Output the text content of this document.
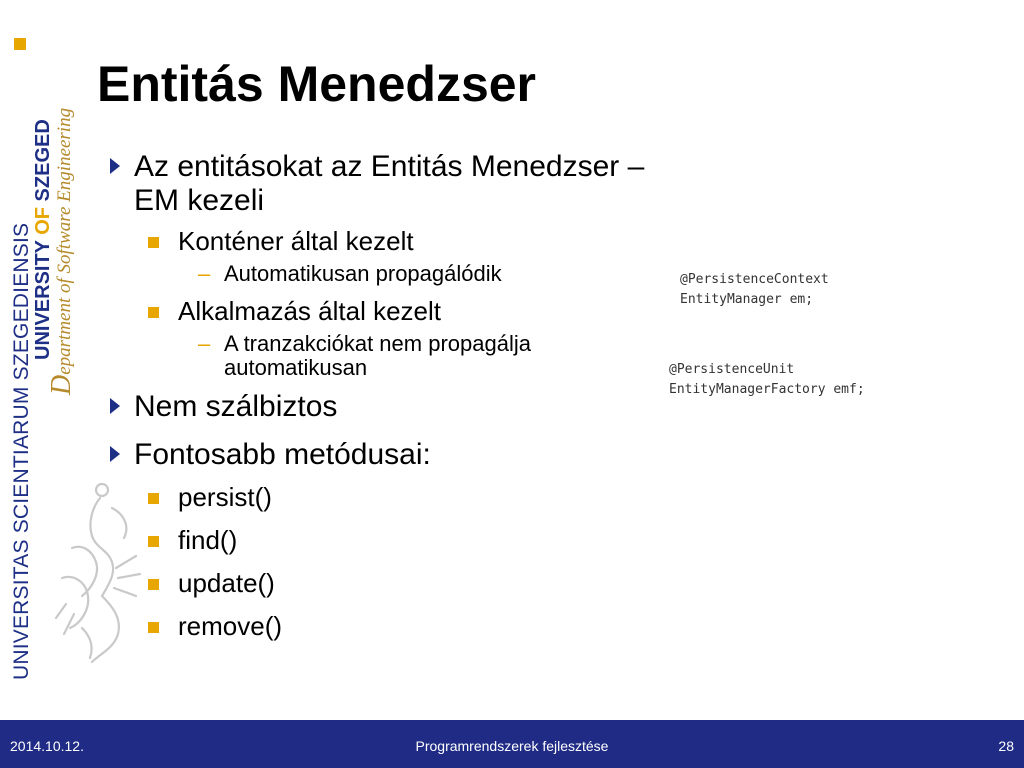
UNIVERSITAS SCIENTIARUM SZEGEDIENSIS UNIVERSITY OF SZEGED
Department of Software Engineering
Entitás Menedzser
Az entitásokat az Entitás Menedzser – EM kezeli
Konténer által kezelt
– Automatikusan propagálódik
Alkalmazás által kezelt
– A tranzakciókat nem propagálja automatikusan
Nem szálbiztos
Fontosabb metódusai:
persist()
find()
update()
remove()
@PersistenceContext
EntityManager em;
@PersistenceUnit
EntityManagerFactory emf;
2014.10.12.	Programrendszerek fejlesztése	28
